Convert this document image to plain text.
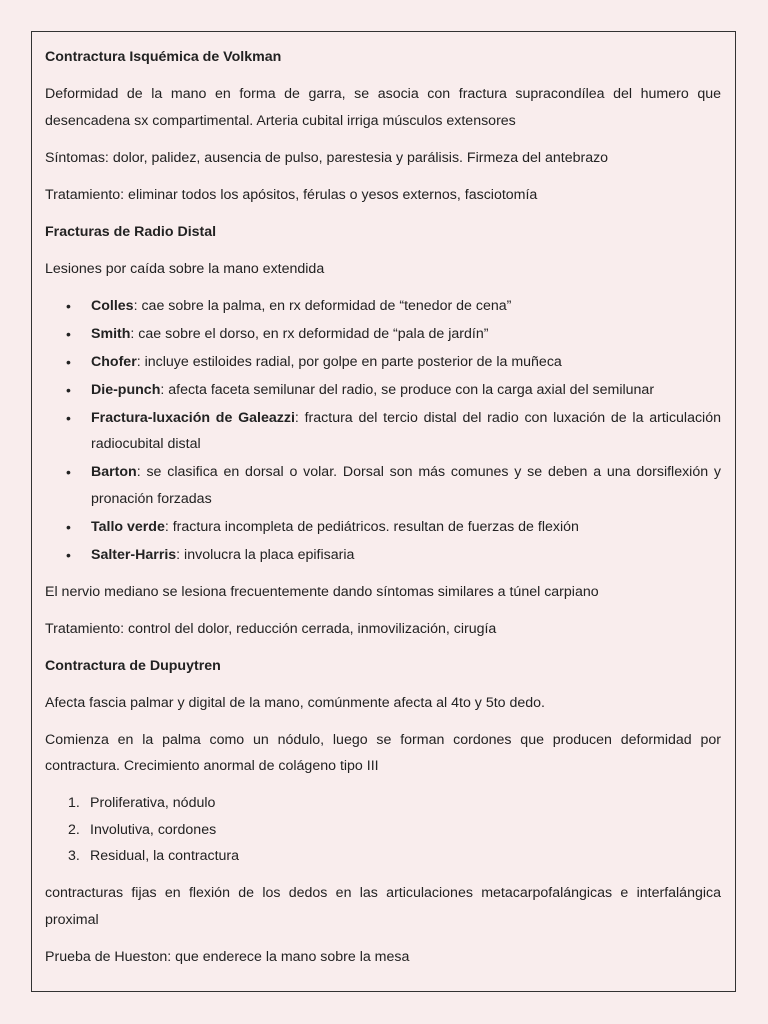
Contractura Isquémica de Volkman

Deformidad de la mano en forma de garra, se asocia con fractura supracondílea del humero que desencadena sx compartimental. Arteria cubital irriga músculos extensores

Síntomas: dolor, palidez, ausencia de pulso, parestesia y parálisis. Firmeza del antebrazo

Tratamiento: eliminar todos los apósitos, férulas o yesos externos, fasciotomía

Fracturas de Radio Distal

Lesiones por caída sobre la mano extendida

• Colles: cae sobre la palma, en rx deformidad de “tenedor de cena”
• Smith: cae sobre el dorso, en rx deformidad de “pala de jardín”
• Chofer: incluye estiloides radial, por golpe en parte posterior de la muñeca
• Die-punch: afecta faceta semilunar del radio, se produce con la carga axial del semilunar
• Fractura-luxación de Galeazzi: fractura del tercio distal del radio con luxación de la articulación radiocubital distal
• Barton: se clasifica en dorsal o volar. Dorsal son más comunes y se deben a una dorsiflexión y pronación forzadas
• Tallo verde: fractura incompleta de pediátricos. resultan de fuerzas de flexión
• Salter-Harris: involucra la placa epifisaria

El nervio mediano se lesiona frecuentemente dando síntomas similares a túnel carpiano

Tratamiento: control del dolor, reducción cerrada, inmovilización, cirugía

Contractura de Dupuytren

Afecta fascia palmar y digital de la mano, comúnmente afecta al 4to y 5to dedo.

Comienza en la palma como un nódulo, luego se forman cordones que producen deformidad por contractura. Crecimiento anormal de colágeno tipo III

1. Proliferativa, nódulo
2. Involutiva, cordones
3. Residual, la contractura

contracturas fijas en flexión de los dedos en las articulaciones metacarpofalángicas e interfalángica proximal

Prueba de Hueston: que enderece la mano sobre la mesa
